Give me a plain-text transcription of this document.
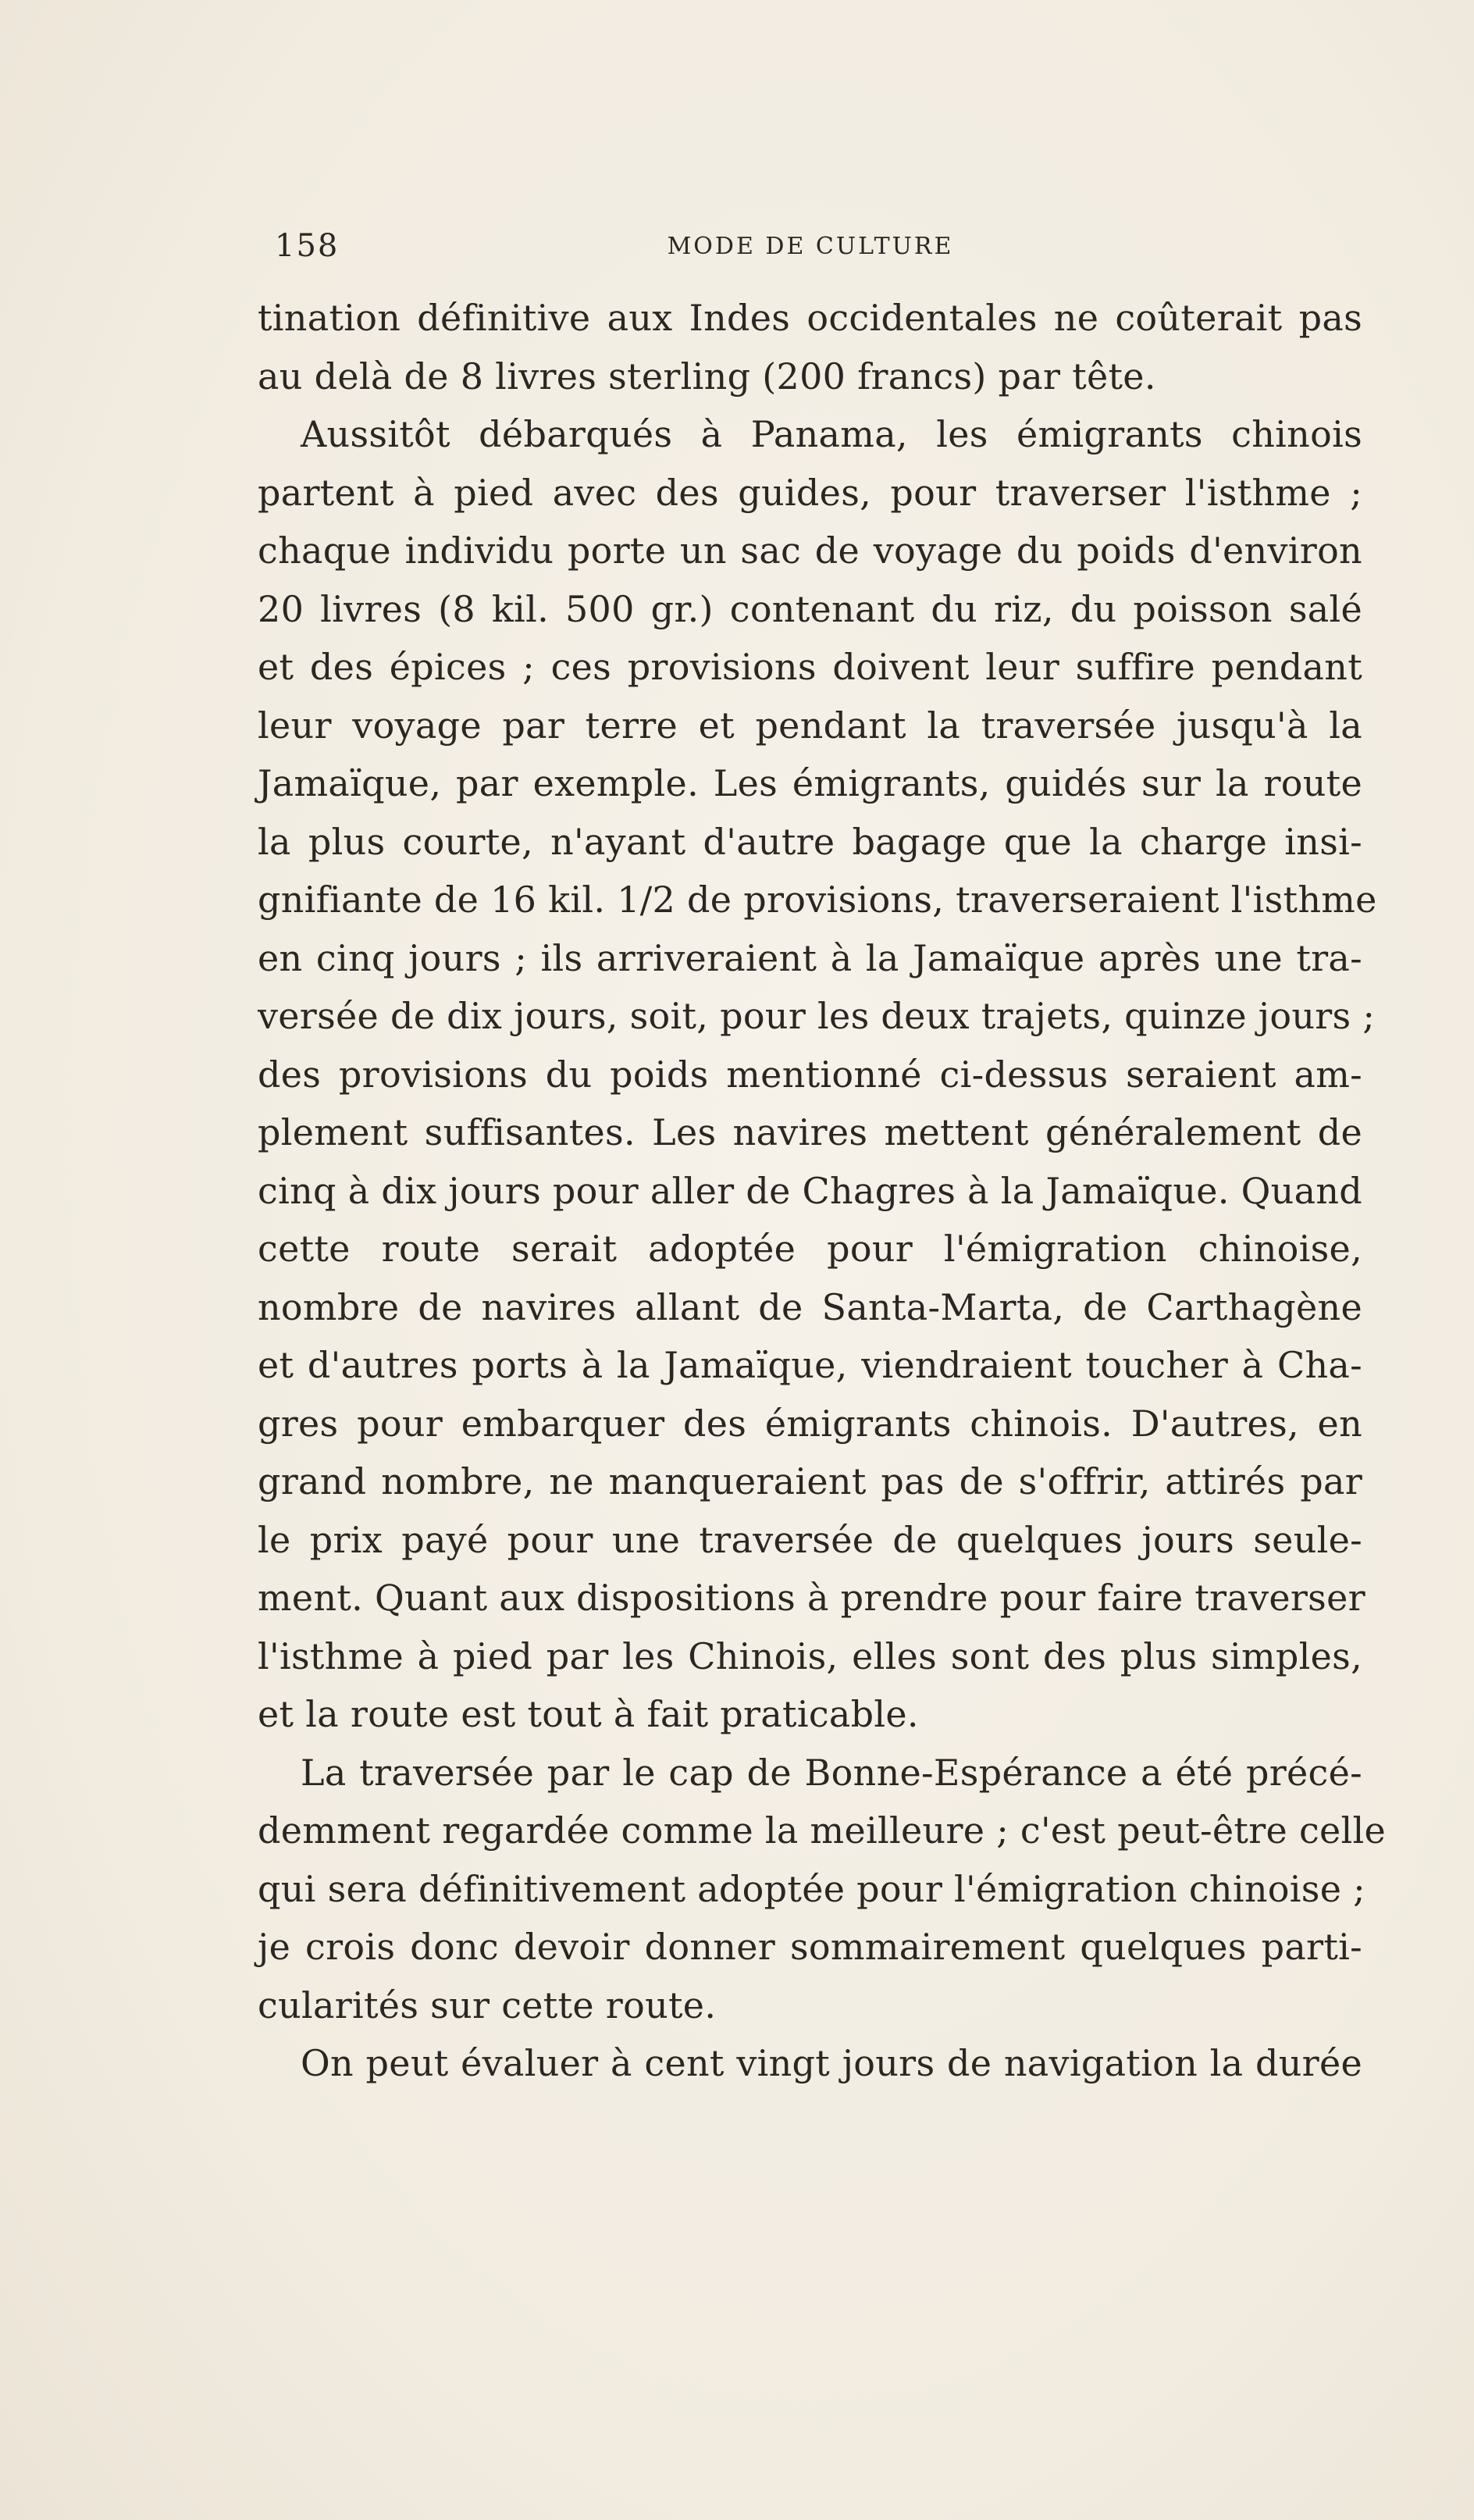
158	MODE DE CULTURE
tination définitive aux Indes occidentales ne coûterait pas
au delà de 8 livres sterling (200 francs) par tête.
Aussitôt débarqués à Panama, les émigrants chinois
partent à pied avec des guides, pour traverser l'isthme ;
chaque individu porte un sac de voyage du poids d'environ
20 livres (8 kil. 500 gr.) contenant du riz, du poisson salé
et des épices ; ces provisions doivent leur suffire pendant
leur voyage par terre et pendant la traversée jusqu'à la
Jamaïque, par exemple. Les émigrants, guidés sur la route
la plus courte, n'ayant d'autre bagage que la charge insi-
gnifiante de 16 kil. 1/2 de provisions, traverseraient l'isthme
en cinq jours ; ils arriveraient à la Jamaïque après une tra-
versée de dix jours, soit, pour les deux trajets, quinze jours ;
des provisions du poids mentionné ci-dessus seraient am-
plement suffisantes. Les navires mettent généralement de
cinq à dix jours pour aller de Chagres à la Jamaïque. Quand
cette route serait adoptée pour l'émigration chinoise,
nombre de navires allant de Santa-Marta, de Carthagène
et d'autres ports à la Jamaïque, viendraient toucher à Cha-
gres pour embarquer des émigrants chinois. D'autres, en
grand nombre, ne manqueraient pas de s'offrir, attirés par
le prix payé pour une traversée de quelques jours seule-
ment. Quant aux dispositions à prendre pour faire traverser
l'isthme à pied par les Chinois, elles sont des plus simples,
et la route est tout à fait praticable.
La traversée par le cap de Bonne-Espérance a été précé-
demment regardée comme la meilleure ; c'est peut-être celle
qui sera définitivement adoptée pour l'émigration chinoise ;
je crois donc devoir donner sommairement quelques parti-
cularités sur cette route.
On peut évaluer à cent vingt jours de navigation la durée
